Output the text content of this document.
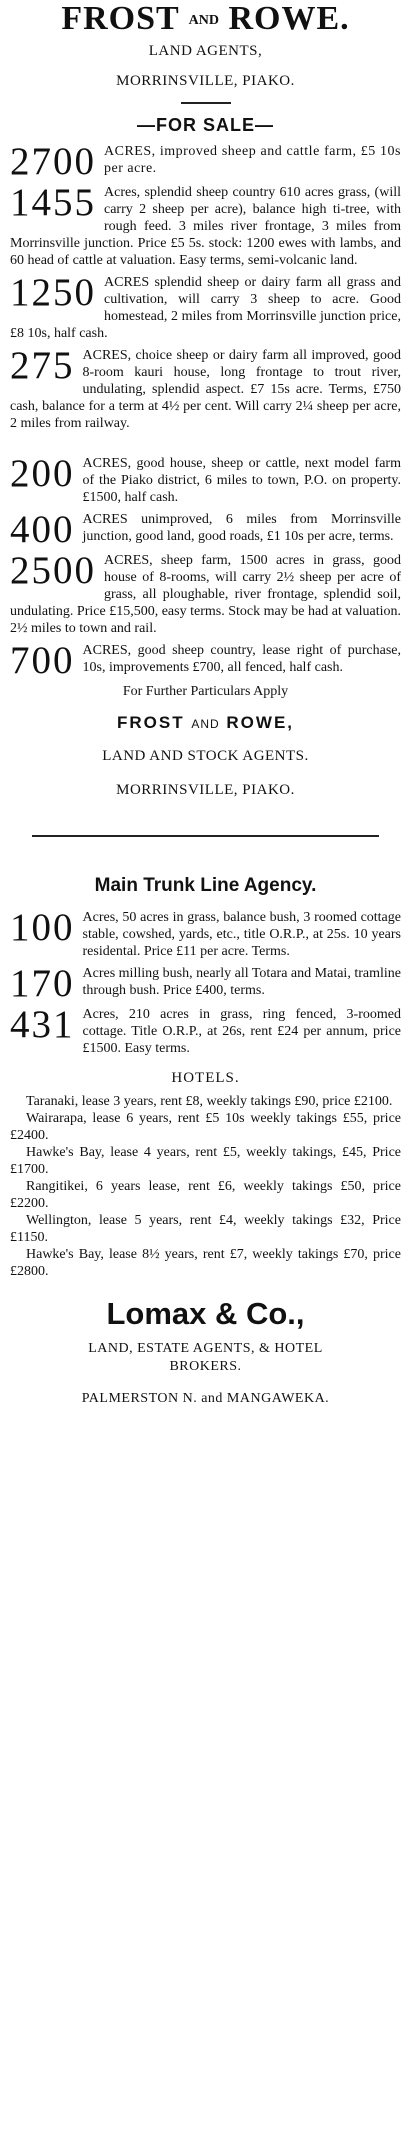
FROST AND ROWE.
LAND AGENTS,
MORRINSVILLE, PIAKO.
—FOR SALE—

2700 ACRES, improved sheep and cattle farm, £5 10s per acre.

1455 Acres, splendid sheep country 610 acres grass, (will carry 2 sheep per acre), balance high ti-tree, with rough feed. 3 miles river frontage, 3 miles from Morrinsville junction. Price £5 5s. stock: 1200 ewes with lambs, and 60 head of cattle at valuation. Easy terms, semi-volcanic land.

1250 ACRES splendid sheep or dairy farm all grass and cultivation, will carry 3 sheep to acre. Good homestead, 2 miles from Morrinsville junction price, £8 10s, half cash.

275 ACRES, choice sheep or dairy farm all improved, good 8-room kauri house, long frontage to trout river, undulating, splendid aspect. £7 15s acre. Terms, £750 cash, balance for a term at 4½ per cent. Will carry 2¼ sheep per acre, 2 miles from railway.

200 ACRES, good house, sheep or cattle, next model farm of the Piako district, 6 miles to town, P.O. on property. £1500, half cash.

400 ACRES unimproved, 6 miles from Morrinsville junction, good land, good roads, £1 10s per acre, terms.

2500 ACRES, sheep farm, 1500 acres in grass, good house of 8-rooms, will carry 2½ sheep per acre of grass, all ploughable, river frontage, splendid soil, undulating. Price £15,500, easy terms. Stock may be had at valuation. 2½ miles to town and rail.

700 ACRES, good sheep country, lease right of purchase, 10s, improvements £700, all fenced, half cash.

For Further Particulars Apply
FROST AND ROWE,
LAND AND STOCK AGENTS.
MORRINSVILLE, PIAKO.
Main Trunk Line Agency.

100 Acres, 50 acres in grass, balance bush, 3 roomed cottage stable, cowshed, yards, etc., title O.R.P., at 25s. 10 years residental. Price £11 per acre. Terms.

170 Acres milling bush, nearly all Totara and Matai, tramline through bush. Price £400, terms.

431 Acres, 210 acres in grass, ring fenced, 3-roomed cottage. Title O.R.P., at 26s, rent £24 per annum, price £1500. Easy terms.

HOTELS.

Taranaki, lease 3 years, rent £8, weekly takings £90, price £2100.

Wairarapa, lease 6 years, rent £5 10s weekly takings £55, price £2400.

Hawke's Bay, lease 4 years, rent £5, weekly takings, £45, Price £1700.

Rangitikei, 6 years lease, rent £6, weekly takings £50, price £2200.

Wellington, lease 5 years, rent £4, weekly takings £32, Price £1150.

Hawke's Bay, lease 8½ years, rent £7, weekly takings £70, price £2800.

Lomax & Co.,
LAND, ESTATE AGENTS, & HOTEL
BROKERS.
PALMERSTON N. and MANGAWEKA.
